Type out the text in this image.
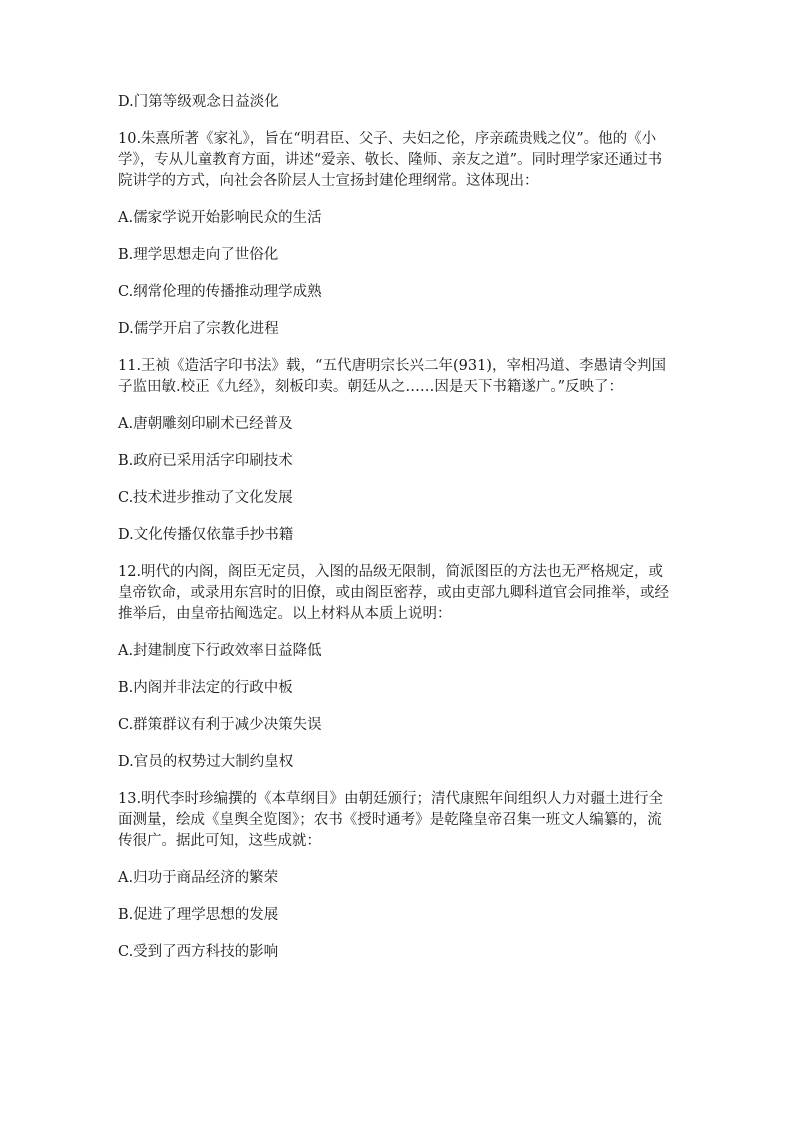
D.门第等级观念日益淡化

10.朱熹所著《家礼》，旨在“明君臣、父子、夫妇之伦，序亲疏贵贱之仪”。他的《小学》，专从儿童教育方面，讲述“爱亲、敬长、隆师、亲友之道”。同时理学家还通过书院讲学的方式，向社会各阶层人士宣扬封建伦理纲常。这体现出：

A.儒家学说开始影响民众的生活

B.理学思想走向了世俗化

C.纲常伦理的传播推动理学成熟

D.儒学开启了宗教化进程

11.王祯《造活字印书法》载，“五代唐明宗长兴二年(931)，宰相冯道、李愚请令判国子监田敏.校正《九经》，刻板印卖。朝廷从之……因是天下书籍遂广。”反映了：

A.唐朝雕刻印刷术已经普及

B.政府已采用活字印刷技术

C.技术进步推动了文化发展

D.文化传播仅依靠手抄书籍

12.明代的内阁，阁臣无定员，入图的品级无限制，简派图臣的方法也无严格规定，或皇帝钦命，或录用东宫时的旧僚，或由阁臣密荐，或由吏部九卿科道官会同推举，或经推举后，由皇帝拈阄选定。以上材料从本质上说明：

A.封建制度下行政效率日益降低

B.内阁并非法定的行政中板

C.群策群议有利于减少决策失误

D.官员的权势过大制约皇权

13.明代李时珍编撰的《本草纲目》由朝廷颁行；清代康熙年间组织人力对疆土进行全面测量，绘成《皇舆全览图》；农书《授时通考》是乾隆皇帝召集一班文人编纂的，流传很广。据此可知，这些成就：

A.归功于商品经济的繁荣

B.促进了理学思想的发展

C.受到了西方科技的影响
